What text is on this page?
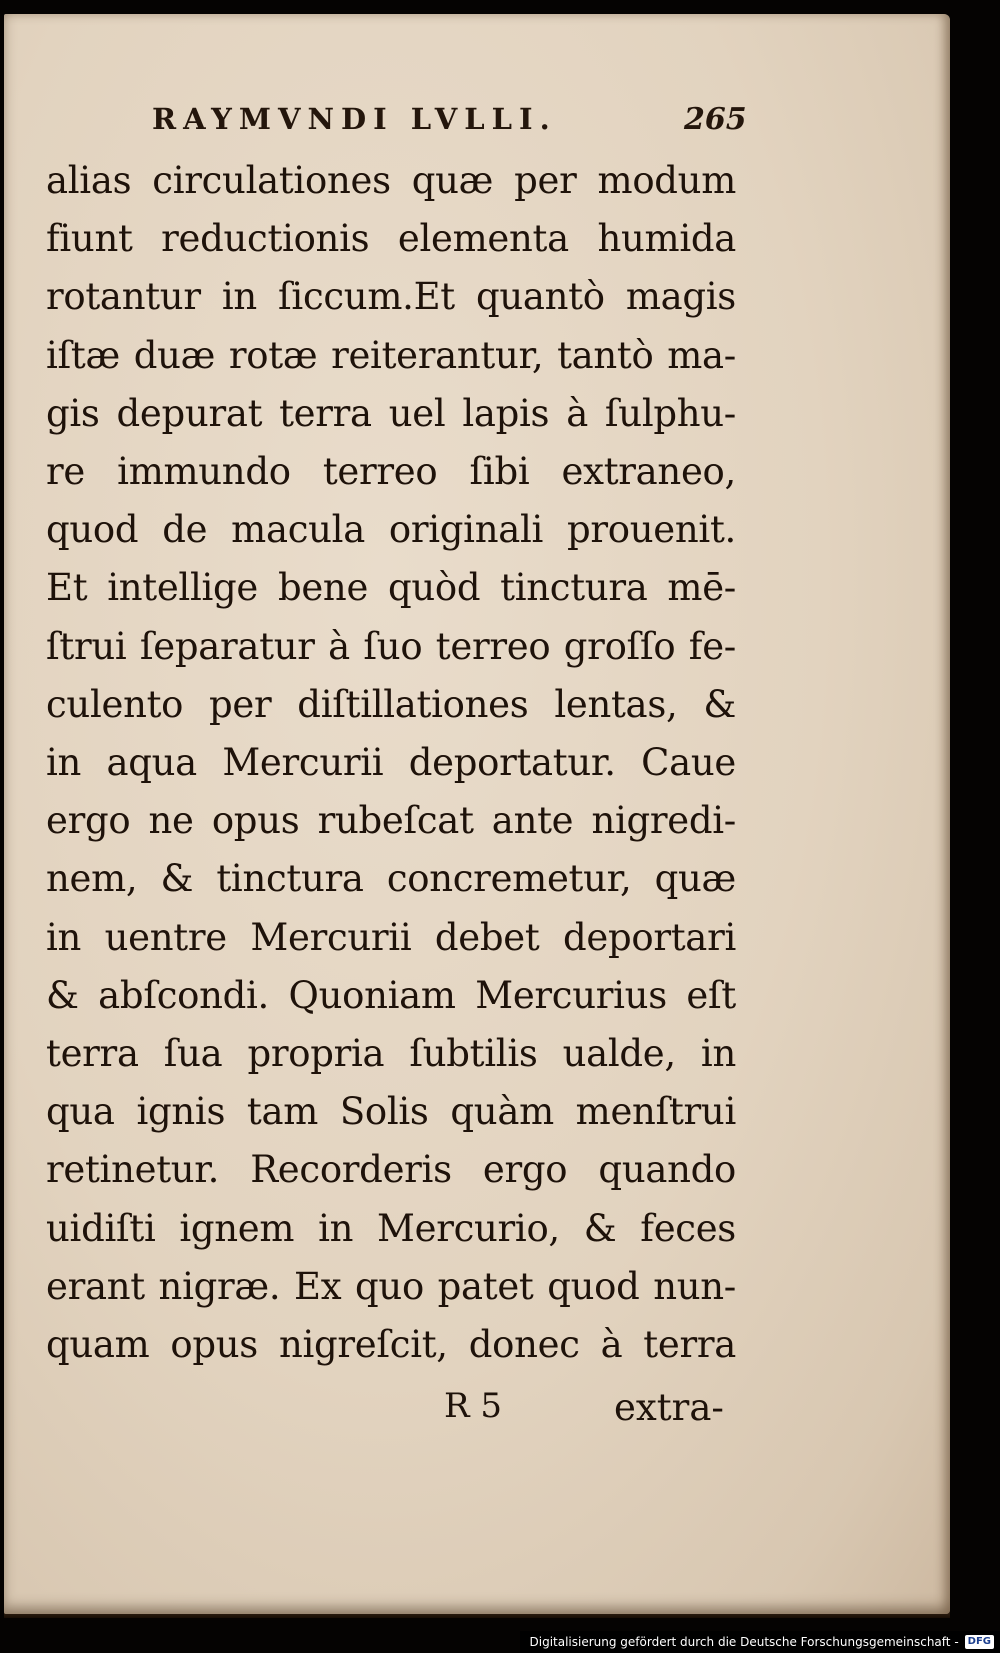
RAYMVNDI LVLLI.	265
alias circulationes quæ per modum
fiunt reductionis elementa humida
rotantur in ſiccum.Et quantò magis
iſtæ duæ rotæ reiterantur, tantò ma-
gis depurat terra uel lapis à ſulphu-
re immundo terreo ſibi extraneo,
quod de macula originali prouenit.
Et intellige bene quòd tinctura mē-
ſtrui ſeparatur à ſuo terreo groſſo fe-
culento per diſtillationes lentas, &
in aqua Mercurii deportatur. Caue
ergo ne opus rubeſcat ante nigredi-
nem, & tinctura concremetur, quæ
in uentre Mercurii debet deportari
& abſcondi. Quoniam Mercurius eſt
terra ſua propria ſubtilis ualde, in
qua ignis tam Solis quàm menſtrui
retinetur. Recorderis ergo quando
uidiſti ignem in Mercurio, & feces
erant nigræ. Ex quo patet quod nun-
quam opus nigreſcit, donec à terra
R 5	extra-
Digitalisierung gefördert durch die Deutsche Forschungsgemeinschaft - DFG
